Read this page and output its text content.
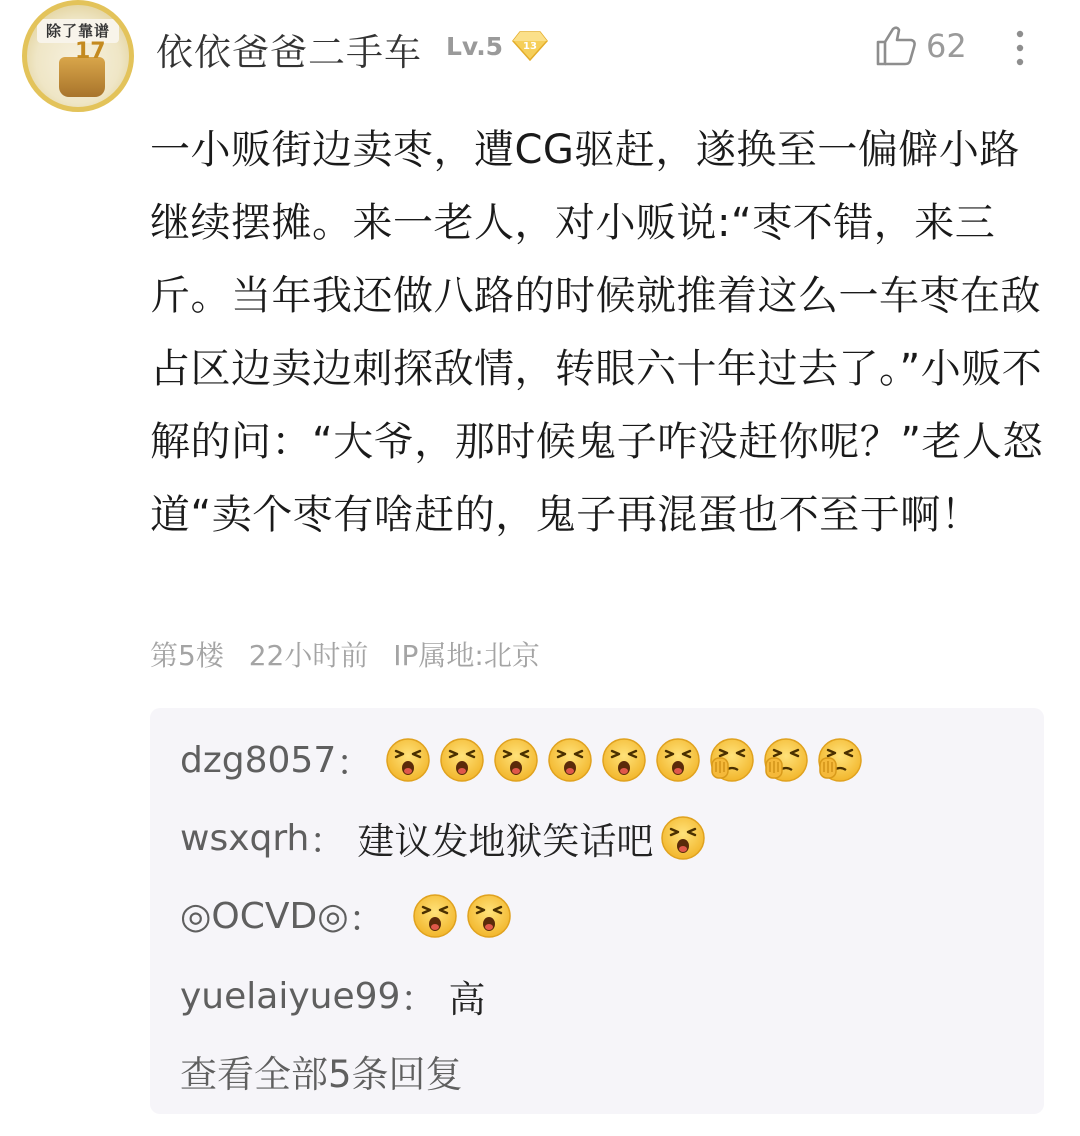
除了靠谱
17 依依爸爸二手车 Lv.5 13	62

一小贩街边卖枣，遭CG驱赶，遂换至一偏僻小路继续摆摊。来一老人，对小贩说:“枣不错，来三斤。当年我还做八路的时候就推着这么一车枣在敌占区边卖边刺探敌情，转眼六十年过去了。”小贩不解的问：“大爷，那时候鬼子咋没赶你呢？”老人怒道“卖个枣有啥赶的，鬼子再混蛋也不至于啊！

第5楼 22小时前 IP属地:北京
dzg8057 ：
wsxqrh ： 建议发地狱笑话吧
◎OCVD◎ ：
yuelaiyue99 ： 高
查看全部5条回复
